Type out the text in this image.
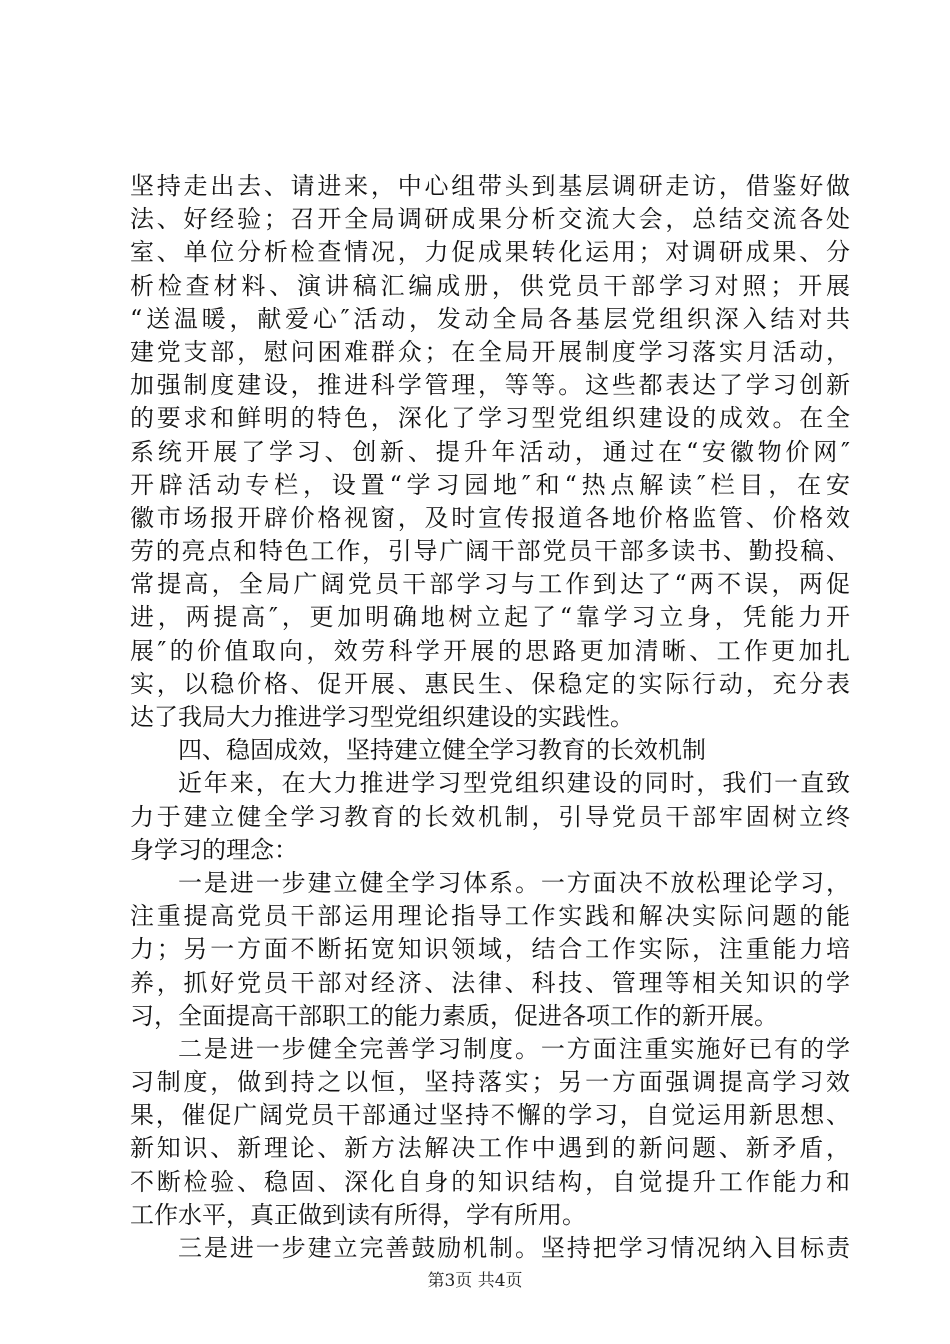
坚持走出去、请进来，中心组带头到基层调研走访，借鉴好做
法、好经验；召开全局调研成果分析交流大会，总结交流各处
室、单位分析检查情况，力促成果转化运用；对调研成果、分
析检查材料、演讲稿汇编成册，供党员干部学习对照；开展
“送温暖，献爱心″活动，发动全局各基层党组织深入结对共
建党支部，慰问困难群众；在全局开展制度学习落实月活动，
加强制度建设，推进科学管理，等等。这些都表达了学习创新
的要求和鲜明的特色，深化了学习型党组织建设的成效。在全
系统开展了学习、创新、提升年活动，通过在“安徽物价网″
开辟活动专栏，设置“学习园地″和“热点解读″栏目，在安
徽市场报开辟价格视窗，及时宣传报道各地价格监管、价格效
劳的亮点和特色工作，引导广阔干部党员干部多读书、勤投稿、
常提高，全局广阔党员干部学习与工作到达了“两不误，两促
进，两提高″，更加明确地树立起了“靠学习立身，凭能力开
展″的价值取向，效劳科学开展的思路更加清晰、工作更加扎
实，以稳价格、促开展、惠民生、保稳定的实际行动，充分表
达了我局大力推进学习型党组织建设的实践性。
四、稳固成效，坚持建立健全学习教育的长效机制
近年来，在大力推进学习型党组织建设的同时，我们一直致
力于建立健全学习教育的长效机制，引导党员干部牢固树立终
身学习的理念：
一是进一步建立健全学习体系。一方面决不放松理论学习，
注重提高党员干部运用理论指导工作实践和解决实际问题的能
力；另一方面不断拓宽知识领域，结合工作实际，注重能力培
养，抓好党员干部对经济、法律、科技、管理等相关知识的学
习，全面提高干部职工的能力素质，促进各项工作的新开展。
二是进一步健全完善学习制度。一方面注重实施好已有的学
习制度，做到持之以恒，坚持落实；另一方面强调提高学习效
果，催促广阔党员干部通过坚持不懈的学习，自觉运用新思想、
新知识、新理论、新方法解决工作中遇到的新问题、新矛盾，
不断检验、稳固、深化自身的知识结构，自觉提升工作能力和
工作水平，真正做到读有所得，学有所用。
三是进一步建立完善鼓励机制。坚持把学习情况纳入目标责
第3页 共4页
